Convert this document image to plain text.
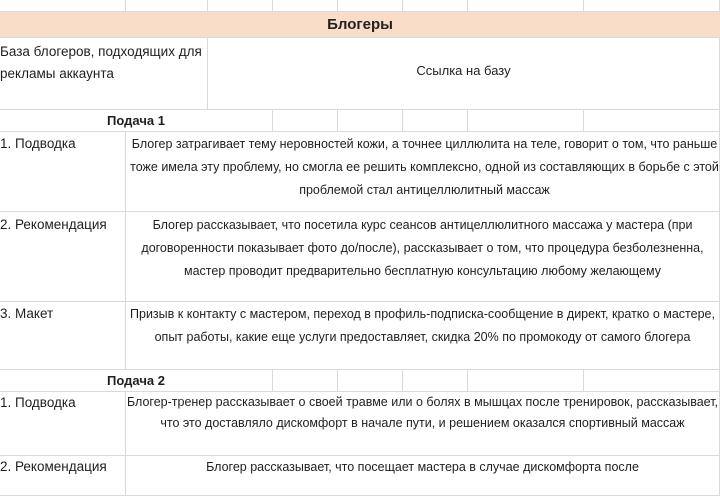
Блогеры
База блогеров, подходящих для рекламы аккаунта	Ссылка на базу
Подача 1
1. Подводка	Блогер затрагивает тему неровностей кожи, а точнее циллюлита на теле, говорит о том, что раньше тоже имела эту проблему, но смогла ее решить комплексно, одной из составляющих в борьбе с этой проблемой стал антицеллюлитный массаж
2. Рекомендация	Блогер рассказывает, что посетила курс сеансов антицеллюлитного массажа у мастера (при договоренности показывает фото до/после), рассказывает о том, что процедура безболезненна, мастер проводит предварительно бесплатную консультацию любому желающему
3. Макет	Призыв к контакту с мастером, переход в профиль-подписка-сообщение в директ, кратко о мастере, опыт работы, какие еще услуги предоставляет, скидка 20% по промокоду от самого блогера
Подача 2
1. Подводка	Блогер-тренер рассказывает о своей травме или о болях в мышцах после тренировок, рассказывает, что это доставляло дискомфорт в начале пути, и решением оказался спортивный массаж
2. Рекомендация	Блогер рассказывает, что посещает мастера в случае дискомфорта после
